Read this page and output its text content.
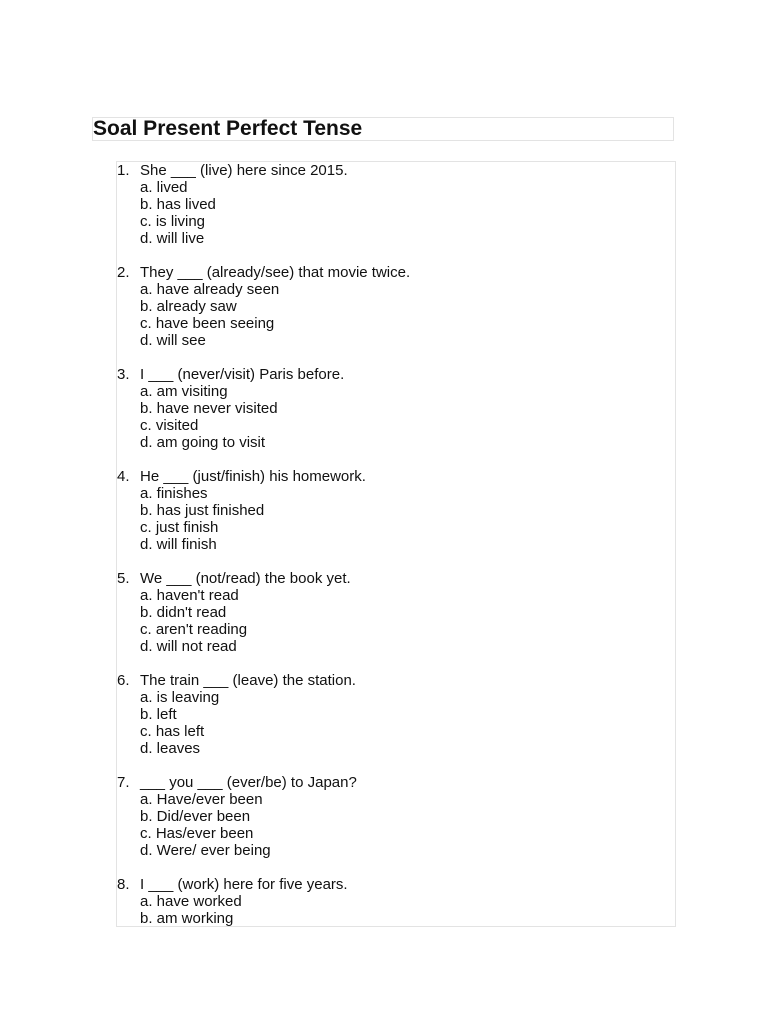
Soal Present Perfect Tense
1. She ___ (live) here since 2015.
a. lived
b. has lived
c. is living
d. will live
2. They ___ (already/see) that movie twice.
a. have already seen
b. already saw
c. have been seeing
d. will see
3. I ___ (never/visit) Paris before.
a. am visiting
b. have never visited
c. visited
d. am going to visit
4. He ___ (just/finish) his homework.
a. finishes
b. has just finished
c. just finish
d. will finish
5. We ___ (not/read) the book yet.
a. haven't read
b. didn't read
c. aren't reading
d. will not read
6. The train ___ (leave) the station.
a. is leaving
b. left
c. has left
d. leaves
7. ___ you ___ (ever/be) to Japan?
a. Have/ever been
b. Did/ever been
c. Has/ever been
d. Were/ ever being
8. I ___ (work) here for five years.
a. have worked
b. am working
